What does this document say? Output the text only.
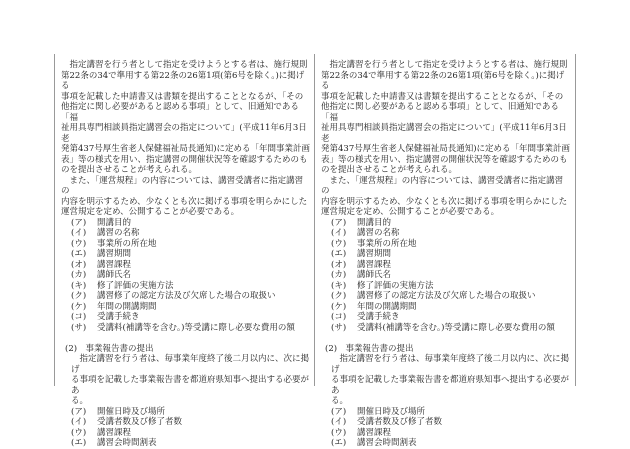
　指定講習を行う者として指定を受けようとする者は、施行規則
第22条の34で準用する第22条の26第1項(第6号を除く。)に掲げる
事項を記載した申請書又は書類を提出することとなるが、「その
他指定に関し必要があると認める事項」として、旧通知である「福
祉用具専門相談員指定講習会の指定について」(平成11年6月3日老
発第437号厚生省老人保健福祉局長通知)に定める「年間事業計画
表」等の様式を用い、指定講習の開催状況等を確認するためのも
のを提出させることが考えられる。
　また、「運営規程」の内容については、講習受講者に指定講習の
内容を明示するため、少なくとも次に掲げる事項を明らかにした
運営規定を定め、公開することが必要である。
(ア)	開講目的
(イ)	講習の名称
(ウ)	事業所の所在地
(エ)	講習期間
(オ)	講習課程
(カ)	講師氏名
(キ)	修了評価の実施方法
(ク)	講習修了の認定方法及び欠席した場合の取扱い
(ケ)	年間の開講期間
(コ)	受講手続き
(サ)	受講料(補講等を含む。)等受講に際し必要な費用の額
(2)　事業報告書の提出
　指定講習を行う者は、毎事業年度終了後二月以内に、次に掲げ
る事項を記載した事業報告書を都道府県知事へ提出する必要があ
る。
(ア)	開催日時及び場所
(イ)	受講者数及び修了者数
(ウ)	講習課程
(エ)	講習会時間割表
　指定講習を行う者として指定を受けようとする者は、施行規則
第22条の34で準用する第22条の26第1項(第6号を除く。)に掲げる
事項を記載した申請書又は書類を提出することとなるが、「その
他指定に関し必要があると認める事項」として、旧通知である「福
祉用具専門相談員指定講習会の指定について」(平成11年6月3日老
発第437号厚生省老人保健福祉局長通知)に定める「年間事業計画
表」等の様式を用い、指定講習の開催状況等を確認するためのも
のを提出させることが考えられる。
　また、「運営規程」の内容については、講習受講者に指定講習の
内容を明示するため、少なくとも次に掲げる事項を明らかにした
運営規定を定め、公開することが必要である。
(ア)	開講目的
(イ)	講習の名称
(ウ)	事業所の所在地
(エ)	講習期間
(オ)	講習課程
(カ)	講師氏名
(キ)	修了評価の実施方法
(ク)	講習修了の認定方法及び欠席した場合の取扱い
(ケ)	年間の開講期間
(コ)	受講手続き
(サ)	受講料(補講等を含む。)等受講に際し必要な費用の額
(2)　事業報告書の提出
　指定講習を行う者は、毎事業年度終了後二月以内に、次に掲げ
る事項を記載した事業報告書を都道府県知事へ提出する必要があ
る。
(ア)	開催日時及び場所
(イ)	受講者数及び修了者数
(ウ)	講習課程
(エ)	講習会時間割表
